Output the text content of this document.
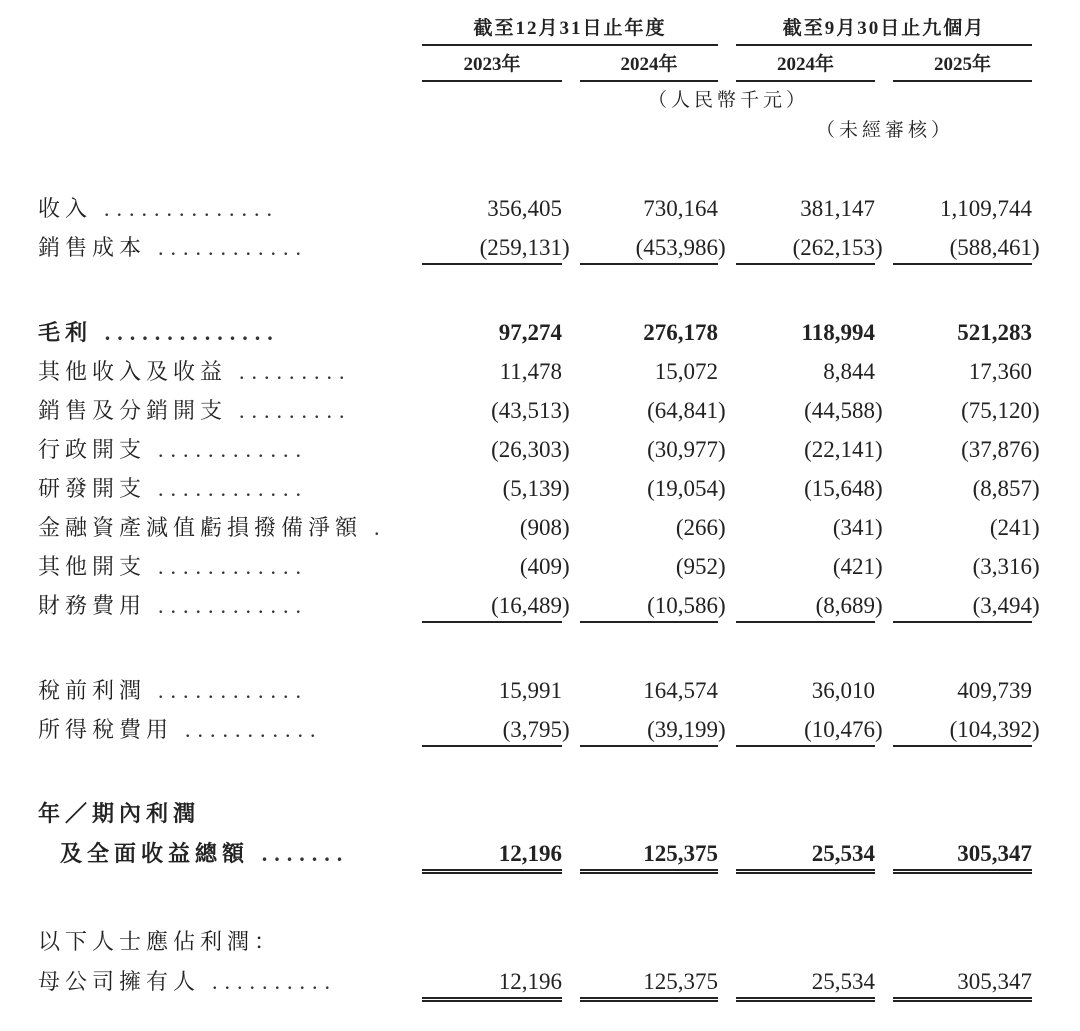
截至12月31日止年度	截至9月30日止九個月
2023年	2024年	2024年	2025年
（人民幣千元）
（未經審核）
收入 ..............	356,405	730,164	381,147	1,109,744
銷售成本 ............	(259,131 )	(453,986 )	(262,153 )	(588,461 )
毛利 ..............	97,274	276,178	118,994	521,283
其他收入及收益 .........	11,478	15,072	8,844	17,360
銷售及分銷開支 .........	(43,513 )	(64,841 )	(44,588 )	(75,120 )
行政開支 ............	(26,303 )	(30,977 )	(22,141 )	(37,876 )
研發開支 ............	(5,139 )	(19,054 )	(15,648 )	(8,857 )
金融資產減值虧損撥備淨額 .	(908 )	(266 )	(341 )	(241 )
其他開支 ............	(409 )	(952 )	(421 )	(3,316 )
財務費用 ............	(16,489 )	(10,586 )	(8,689 )	(3,494 )
稅前利潤 ............	15,991	164,574	36,010	409,739
所得稅費用 ...........	(3,795 )	(39,199 )	(10,476 )	(104,392 )
年／期內利潤
及全面收益總額 .......	12,196	125,375	25,534	305,347
以下人士應佔利潤：
母公司擁有人 ..........	12,196	125,375	25,534	305,347
